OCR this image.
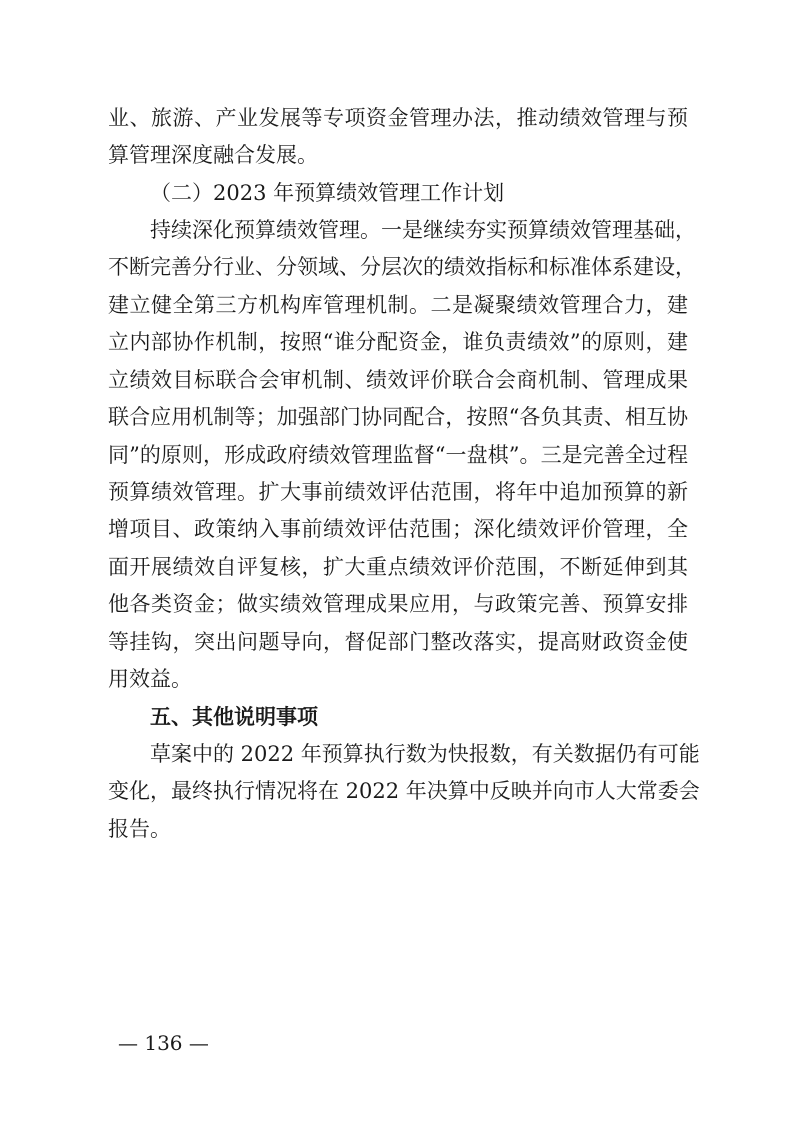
业、旅游、产业发展等专项资金管理办法，推动绩效管理与预
算管理深度融合发展。
（二）2023 年预算绩效管理工作计划
持续深化预算绩效管理。一是继续夯实预算绩效管理基础，
不断完善分行业、分领域、分层次的绩效指标和标准体系建设，
建立健全第三方机构库管理机制。二是凝聚绩效管理合力，建
立内部协作机制，按照“谁分配资金，谁负责绩效”的原则，建
立绩效目标联合会审机制、绩效评价联合会商机制、管理成果
联合应用机制等；加强部门协同配合，按照“各负其责、相互协
同”的原则，形成政府绩效管理监督“一盘棋”。三是完善全过程
预算绩效管理。扩大事前绩效评估范围，将年中追加预算的新
增项目、政策纳入事前绩效评估范围；深化绩效评价管理，全
面开展绩效自评复核，扩大重点绩效评价范围，不断延伸到其
他各类资金；做实绩效管理成果应用，与政策完善、预算安排
等挂钩，突出问题导向，督促部门整改落实，提高财政资金使
用效益。
五、其他说明事项
草案中的 2022 年预算执行数为快报数，有关数据仍有可能
变化，最终执行情况将在 2022 年决算中反映并向市人大常委会
报告。
— 136 —
